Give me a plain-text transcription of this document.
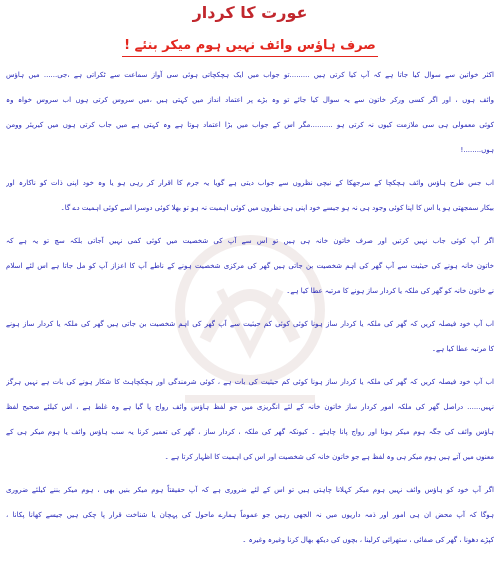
عورت کا کردار
صرف ہاؤس وائف نہیں ہوم میکر بنئے !
اکثر خواتین سے سوال کیا جاتا ہے کہ آپ کیا کرتی ہیں .........تو جواب میں ایک ہچکچاتی ہوئی سی آواز سماعت سے ٹکراتی ہے ،جی...... میں ہاؤس
وائف ہوں ، اور اگر کسی ورکر خاتون سے یہ سوال کیا جائے تو وہ بڑے پر اعتماد انداز میں کہتی ہیں ،میں سروس کرتی ہوں اب سروس خواہ وہ
کوئی معمولی ہی سی ملازمت کیوں نہ کرتی ہو ..........مگر اس کے جواب میں بڑا اعتماد ہوتا ہے وہ کہتی ہے میں جاب کرتی ہوں میں کیریئر وومن
ہوں........!
اب جس طرح ہاؤس وائف ہچکچا کے سرجھکا کے نیچی نظروں سے جواب دیتی ہے گویا یہ جرم کا اقرار کر رہی ہو یا وہ خود اپنی ذات کو ناکارہ اور
بیکار سمجھتی ہو یا اس کا اپنا کوئی وجود ہی نہ ہو جیسے خود اپنی ہی نظروں میں کوئی اہمیت نہ ہو تو بھلا کوئی دوسرا اسے کوئی اہمیت دے گا۔
اگر آپ کوئی جاب نہیں کرتیں اور صرف خاتون خانہ ہی ہیں تو اس سے آپ کی شخصیت میں کوئی کمی نہیں آجاتی بلکہ سچ تو یہ ہے کہ
خاتون خانہ ہونے کی حیثیت سے آپ گھر کی اہم شخصیت بن جاتی ہیں گھر کی مرکزی شخصیت ہونے کے ناطے آپ کا اعزاز آپ کو مل جاتا ہے اس لئے اسلام
نے خاتون خانہ کو گھر کی ملکہ یا کردار ساز ہونے کا مرتبہ عطا کیا ہے۔
اب آپ خود فیصلہ کریں کہ گھر کی ملکہ یا کردار ساز ہونا کوئی کوئی کم حیثیت سے آپ گھر کی اہم شخصیت بن جاتی ہیں گھر کی ملکہ یا کردار ساز ہونے
کا مرتبہ عطا کیا ہے۔
اب آپ خود فیصلہ کریں کہ گھر کی ملکہ یا کردار ساز ہونا کوئی کم حیثیت کی بات ہے ، کوئی شرمندگی اور ہچکچاہٹ کا شکار ہونے کی بات ہے نہیں ہرگز
نہیں...... دراصل گھر کی ملکہ امور کردار ساز خاتون خانہ کے لئے انگریزی میں جو لفظ ہاؤس وائف رواج پا گیا ہے وہ غلط ہے ، اس کیلئے صحیح لفظ
ہاؤس وائف کی جگہ ہوم میکر ہونا اور رواج پانا چاہئے ۔ کیونکہ گھر کی ملکہ ، کردار ساز ، گھر کی تعمیر کرنا یہ سب ہاؤس وائف یا ہوم میکر ہی کے
معنوں میں آتے ہیں ہوم میکر ہی وہ لفظ ہے جو خاتون خانہ کی شخصیت اور اس کی اہمیت کا اظہار کرتا ہے ۔
اگر آپ خود کو ہاؤس وائف نہیں ہوم میکر کہلانا چاہتی ہیں تو اس کے لئے ضروری ہے کہ آپ حقیقتاً ہوم میکر بنیں بھی ، ہوم میکر بننے کیلئے ضروری
ہوگا کہ آپ محض ان ہی امور اور ذمہ داریوں میں نہ الجھی رہیں جو عموماً ہمارے ماحول کی پہچان یا شناخت قرار پا چکی ہیں جیسے کھانا پکانا ،
کپڑے دھونا ، گھر کی صفائی ، ستھرائی کرلینا ، بچوں کی دیکھ بھال کرنا وغیرہ وغیرہ ۔
